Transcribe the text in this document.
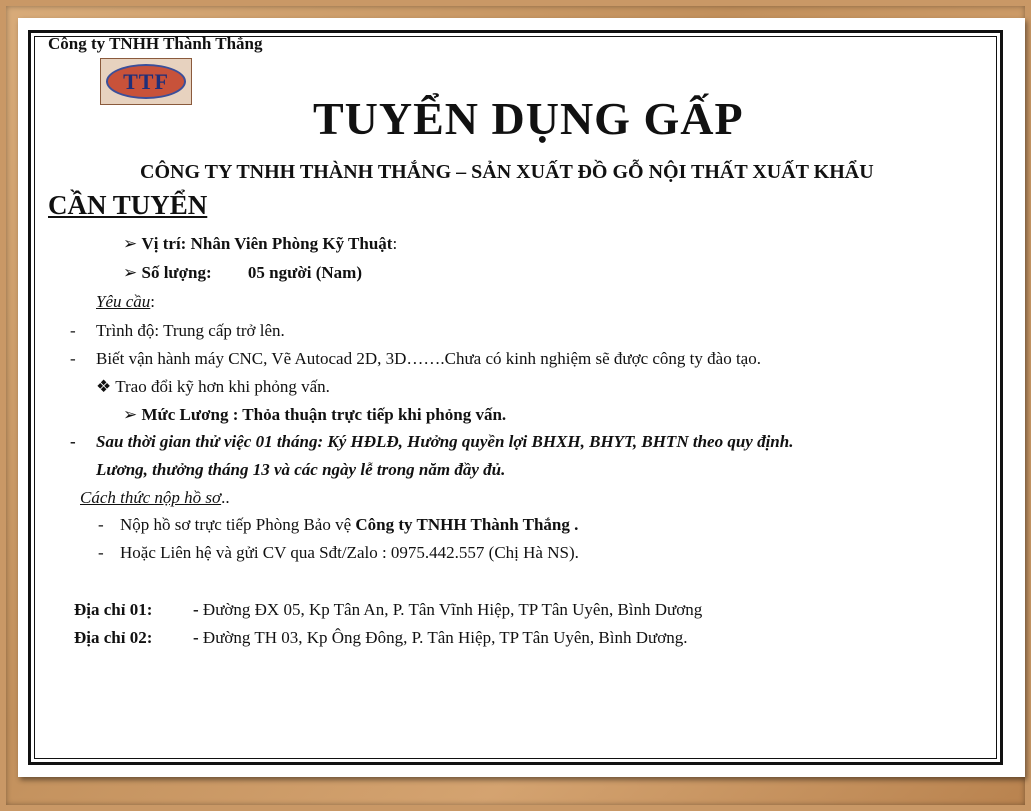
Công ty TNHH Thành Thắng
TTF
TUYỂN DỤNG GẤP
CÔNG TY TNHH THÀNH THẮNG – SẢN XUẤT ĐỒ GỖ NỘI THẤT XUẤT KHẨU
CẦN TUYỂN
➢ Vị trí: Nhân Viên Phòng Kỹ Thuật:
➢ Số lượng: 05 người (Nam)
Yêu cầu:
- Trình độ: Trung cấp trở lên.
- Biết vận hành máy CNC, Vẽ Autocad 2D, 3D…….Chưa có kinh nghiệm sẽ được công ty đào tạo.
❖ Trao đổi kỹ hơn khi phỏng vấn.
➢ Mức Lương : Thỏa thuận trực tiếp khi phỏng vấn.
- Sau thời gian thử việc 01 tháng: Ký HĐLĐ, Hưởng quyền lợi BHXH, BHYT, BHTN theo quy định.
Lương, thưởng tháng 13 và các ngày lễ trong năm đầy đủ.
Cách thức nộp hồ sơ..
- Nộp hồ sơ trực tiếp Phòng Bảo vệ Công ty TNHH Thành Thắng .
- Hoặc Liên hệ và gửi CV qua Sđt/Zalo : 0975.442.557 (Chị Hà NS).
Địa chỉ 01: - Đường ĐX 05, Kp Tân An, P. Tân Vĩnh Hiệp, TP Tân Uyên, Bình Dương
Địa chỉ 02: - Đường TH 03, Kp Ông Đông, P. Tân Hiệp, TP Tân Uyên, Bình Dương.
